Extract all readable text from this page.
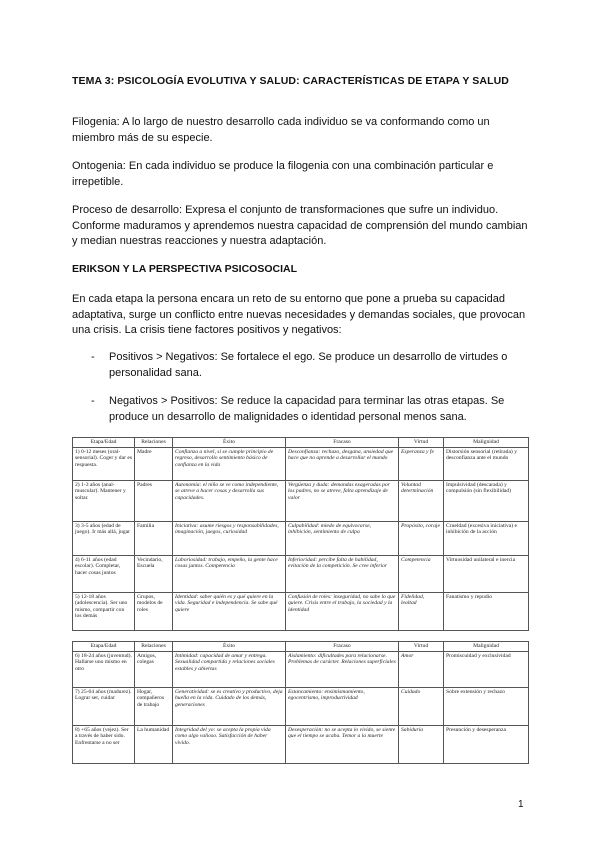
TEMA 3: PSICOLOGÍA EVOLUTIVA Y SALUD: CARACTERÍSTICAS DE ETAPA Y SALUD
Filogenia: A lo largo de nuestro desarrollo cada individuo se va conformando como un miembro más de su especie.
Ontogenia: En cada individuo se produce la filogenia con una combinación particular e irrepetible.
Proceso de desarrollo: Expresa el conjunto de transformaciones que sufre un individuo. Conforme maduramos y aprendemos nuestra capacidad de comprensión del mundo cambian y median nuestras reacciones y nuestra adaptación.
ERIKSON Y LA PERSPECTIVA PSICOSOCIAL
En cada etapa la persona encara un reto de su entorno que pone a prueba su capacidad adaptativa, surge un conflicto entre nuevas necesidades y demandas sociales, que provocan una crisis. La crisis tiene factores positivos y negativos:
- Positivos > Negativos: Se fortalece el ego. Se produce un desarrollo de virtudes o personalidad sana.
- Negativos > Positivos: Se reduce la capacidad para terminar las otras etapas. Se produce un desarrollo de malignidades o identidad personal menos sana.
Etapa/Edad	Relaciones	Éxito	Fracaso	Virtud	Malignidad
1) 0-12 meses (oral-sensorial). Coger y dar es respuesta.	Madre	Confianza a nivel, si se cumple principio de regreso, desarrollo sentimiento básico de confianza en la vida	Desconfianza: rechazo, desgana, ansiedad que hace que no aprende a desarrollar el mundo	Esperanza y fe	Distorsión sensorial (retirada) y desconfianza ante el mundo
2) 1-3 años (anal-muscular). Mantener y soltar.	Padres	Autonomía: el niño se ve como independiente, se atreve a hacer cosas y desarrolla sus capacidades.	Vergüenza y duda: demandas exageradas por los padres, no se atreve, falta aprendizaje de valor	Voluntad determinación	Impulsividad (descarada) y compulsión (sin flexibilidad)
3) 3-5 años (edad de juego). Ir más allá, jugar	Familia	Iniciativa: asume riesgos y responsabilidades, imaginación, juegos, curiosidad	Culpabilidad: miedo de equivocarse, inhibición, sentimiento de culpa	Propósito, coraje	Crueldad (excesiva iniciativa) e inhibición de la acción
4) 6-11 años (edad escolar). Completar, hacer cosas juntos	Vecindario, Escuela	Laboriosidad: trabajo, empeño, la gente hace cosas juntos. Competencia	Inferioridad: percibe falta de habilidad, evitación de la competición. Se cree inferior	Competencia	Virtuosidad unilateral e inercia
5) 12-18 años (adolescencia). Ser uno mismo, compartir con los demás	Grupos, modelos de roles	Identidad: saber quién es y qué quiere en la vida. Seguridad e independencia. Se sabe qué quiere	Confusión de roles: inseguridad, no sabe lo que quiere. Crisis entre el trabajo, la sociedad y la identidad	Fidelidad, lealtad	Fanatismo y repudio
Etapa/Edad	Relaciones	Éxito	Fracaso	Virtud	Malignidad
6) 18-24 años (juventud). Hallarse uno mismo en otro	Amigos, colegas	Intimidad: capacidad de amar y entrega. Sexualidad compartida y relaciones sociales estables y abiertas	Aislamiento: dificultades para relacionarse. Problemas de carácter. Relaciones superficiales	Amor	Promiscuidad y exclusividad
7) 25-64 años (madurez). Lograr ser, cuidar	Hogar, compañeros de trabajo	Generatividad: se es creativo y productivo, deja huella en la vida. Cuidado de los demás, generaciones	Estancamiento: ensimismamiento, egocentrismo, improductividad	Cuidado	Sobre extensión y rechazo
8) +65 años (vejez). Ser a través de haber sido. Enfrentarse a no ser	La humanidad	Integridad del yo: se acepta la propia vida como algo valioso. Satisfacción de haber vivido.	Desesperación: no se acepta lo vivido, se siente que el tiempo se acaba. Temor a la muerte	Sabiduría	Presunción y desesperanza
1
